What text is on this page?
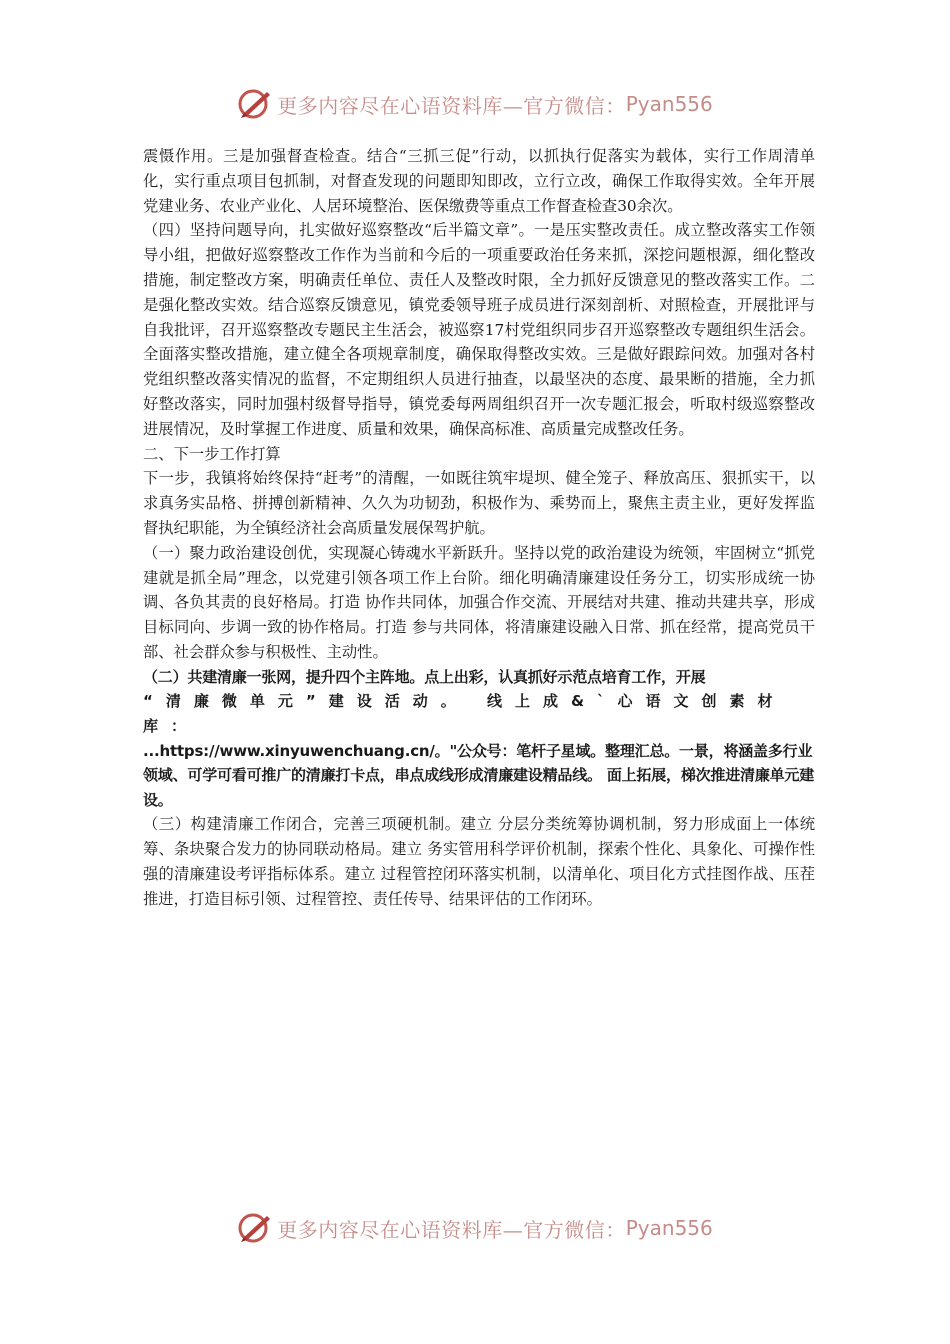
更多内容尽在心语资料库—官方微信： Pyan556

震慑作用。三是加强督查检查。结合“三抓三促”行动，以抓执行促落实为载体，实行工作周清单化，实行重点项目包抓制，对督查发现的问题即知即改，立行立改，确保工作取得实效。全年开展党建业务、农业产业化、人居环境整治、医保缴费等重点工作督查检查30余次。

（四）坚持问题导向，扎实做好巡察整改“后半篇文章”。一是压实整改责任。成立整改落实工作领导小组，把做好巡察整改工作作为当前和今后的一项重要政治任务来抓，深挖问题根源，细化整改措施，制定整改方案，明确责任单位、责任人及整改时限，全力抓好反馈意见的整改落实工作。二是强化整改实效。结合巡察反馈意见，镇党委领导班子成员进行深刻剖析、对照检查，开展批评与自我批评，召开巡察整改专题民主生活会，被巡察17村党组织同步召开巡察整改专题组织生活会。全面落实整改措施，建立健全各项规章制度，确保取得整改实效。三是做好跟踪问效。加强对各村党组织整改落实情况的监督，不定期组织人员进行抽查，以最坚决的态度、最果断的措施，全力抓好整改落实，同时加强村级督导指导，镇党委每两周组织召开一次专题汇报会，听取村级巡察整改进展情况，及时掌握工作进度、质量和效果，确保高标准、高质量完成整改任务。

二、下一步工作打算

下一步，我镇将始终保持“赶考”的清醒，一如既往筑牢堤坝、健全笼子、释放高压、狠抓实干，以求真务实品格、拼搏创新精神、久久为功韧劲，积极作为、乘势而上，聚焦主责主业，更好发挥监督执纪职能，为全镇经济社会高质量发展保驾护航。

（一）聚力政治建设创优，实现凝心铸魂水平新跃升。坚持以党的政治建设为统领，牢固树立“抓党建就是抓全局”理念，以党建引领各项工作上台阶。细化明确清廉建设任务分工，切实形成统一协调、各负其责的良好格局。打造 协作共同体，加强合作交流、开展结对共建、推动共建共享，形成目标同向、步调一致的协作格局。打造 参与共同体，将清廉建设融入日常、抓在经常，提高党员干部、社会群众参与积极性、主动性。

（二）共建清廉一张网，提升四个主阵地。点上出彩，认真抓好示范点培育工作，开展
“清廉微单元”建设活动。 线上成&`心语文创素材库：
...https://www.xinyuwenchuang.cn/。"公众号：笔杆子星域。整理汇总。一景，将涵盖多行业领域、可学可看可推广的清廉打卡点，串点成线形成清廉建设精品线。 面上拓展，梯次推进清廉单元建设。

（三）构建清廉工作闭合，完善三项硬机制。建立 分层分类统筹协调机制，努力形成面上一体统筹、条块聚合发力的协同联动格局。建立 务实管用科学评价机制，探索个性化、具象化、可操作性强的清廉建设考评指标体系。建立 过程管控闭环落实机制，以清单化、项目化方式挂图作战、压茬推进，打造目标引领、过程管控、责任传导、结果评估的工作闭环。

更多内容尽在心语资料库—官方微信： Pyan556
